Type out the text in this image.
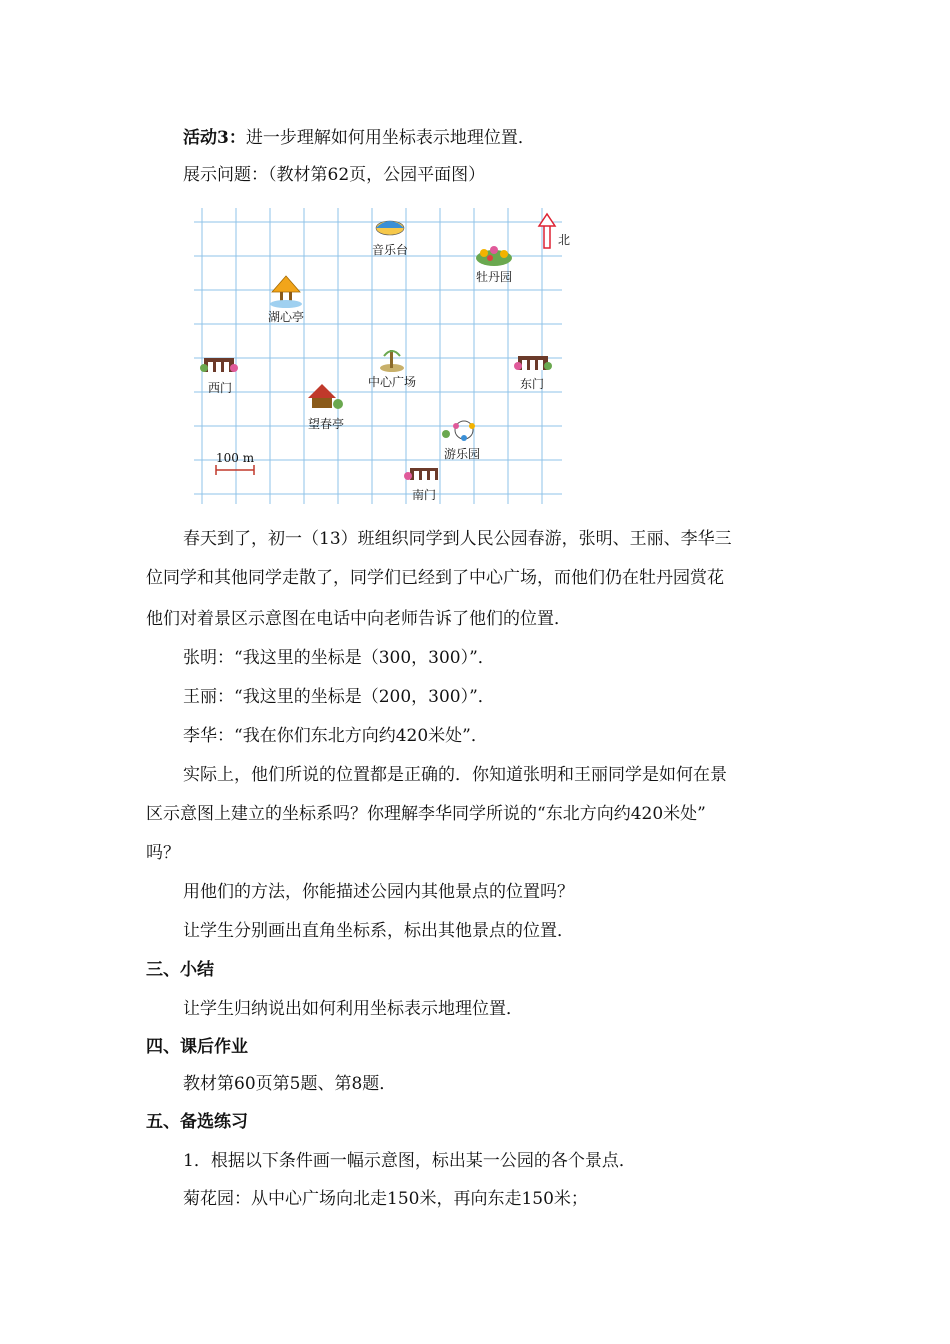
活动3：进一步理解如何用坐标表示地理位置．
展示问题：（教材第62页，公园平面图）
北
音乐台
牡丹园
湖心亭
西门	中心广场	东门
望春亭
游乐园
南门
100 m
春天到了，初一（13）班组织同学到人民公园春游，张明、王丽、李华三
位同学和其他同学走散了，同学们已经到了中心广场，而他们仍在牡丹园赏花
他们对着景区示意图在电话中向老师告诉了他们的位置．
张明：“我这里的坐标是（300，300）”．
王丽：“我这里的坐标是（200，300）”．
李华：“我在你们东北方向约420米处”．
实际上，他们所说的位置都是正确的．你知道张明和王丽同学是如何在景
区示意图上建立的坐标系吗？你理解李华同学所说的“东北方向约420米处”
吗？
用他们的方法，你能描述公园内其他景点的位置吗？
让学生分别画出直角坐标系，标出其他景点的位置．
三、小结
让学生归纳说出如何利用坐标表示地理位置．
四、课后作业
教材第60页第5题、第8题．
五、备选练习
1．根据以下条件画一幅示意图，标出某一公园的各个景点．
菊花园：从中心广场向北走150米，再向东走150米；
